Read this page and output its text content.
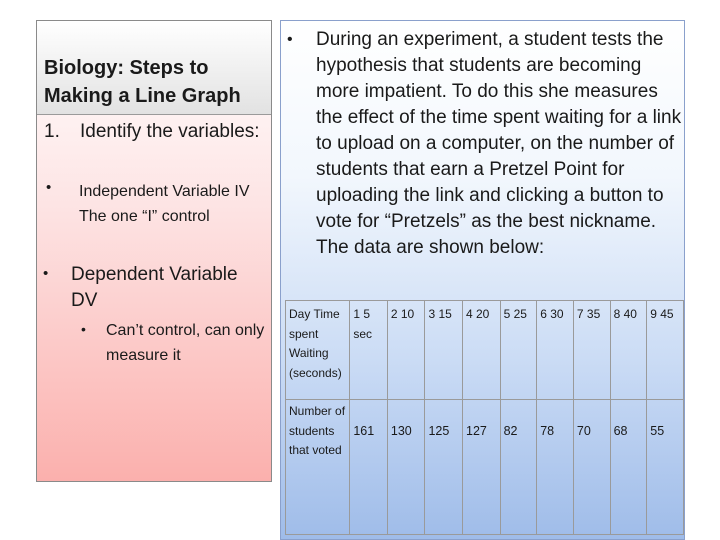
Biology: Steps to Making a Line Graph
1. Identify the variables:
• Independent Variable IV The one “I” control
• Dependent Variable DV
• Can’t control, can only measure it
• During an experiment, a student tests the hypothesis that students are becoming more impatient. To do this she measures the effect of the time spent waiting for a link to upload on a computer, on the number of students that earn a Pretzel Point for uploading the link and clicking a button to vote for “Pretzels” as the best nickname. The data are shown below:
Day Time spent Waiting (seconds)	1 5 sec	2 10	3 15	4 20	5 25	6 30	7 35	8 40	9 45
Number of students that voted	161	130	125	127	82	78	70	68	55
